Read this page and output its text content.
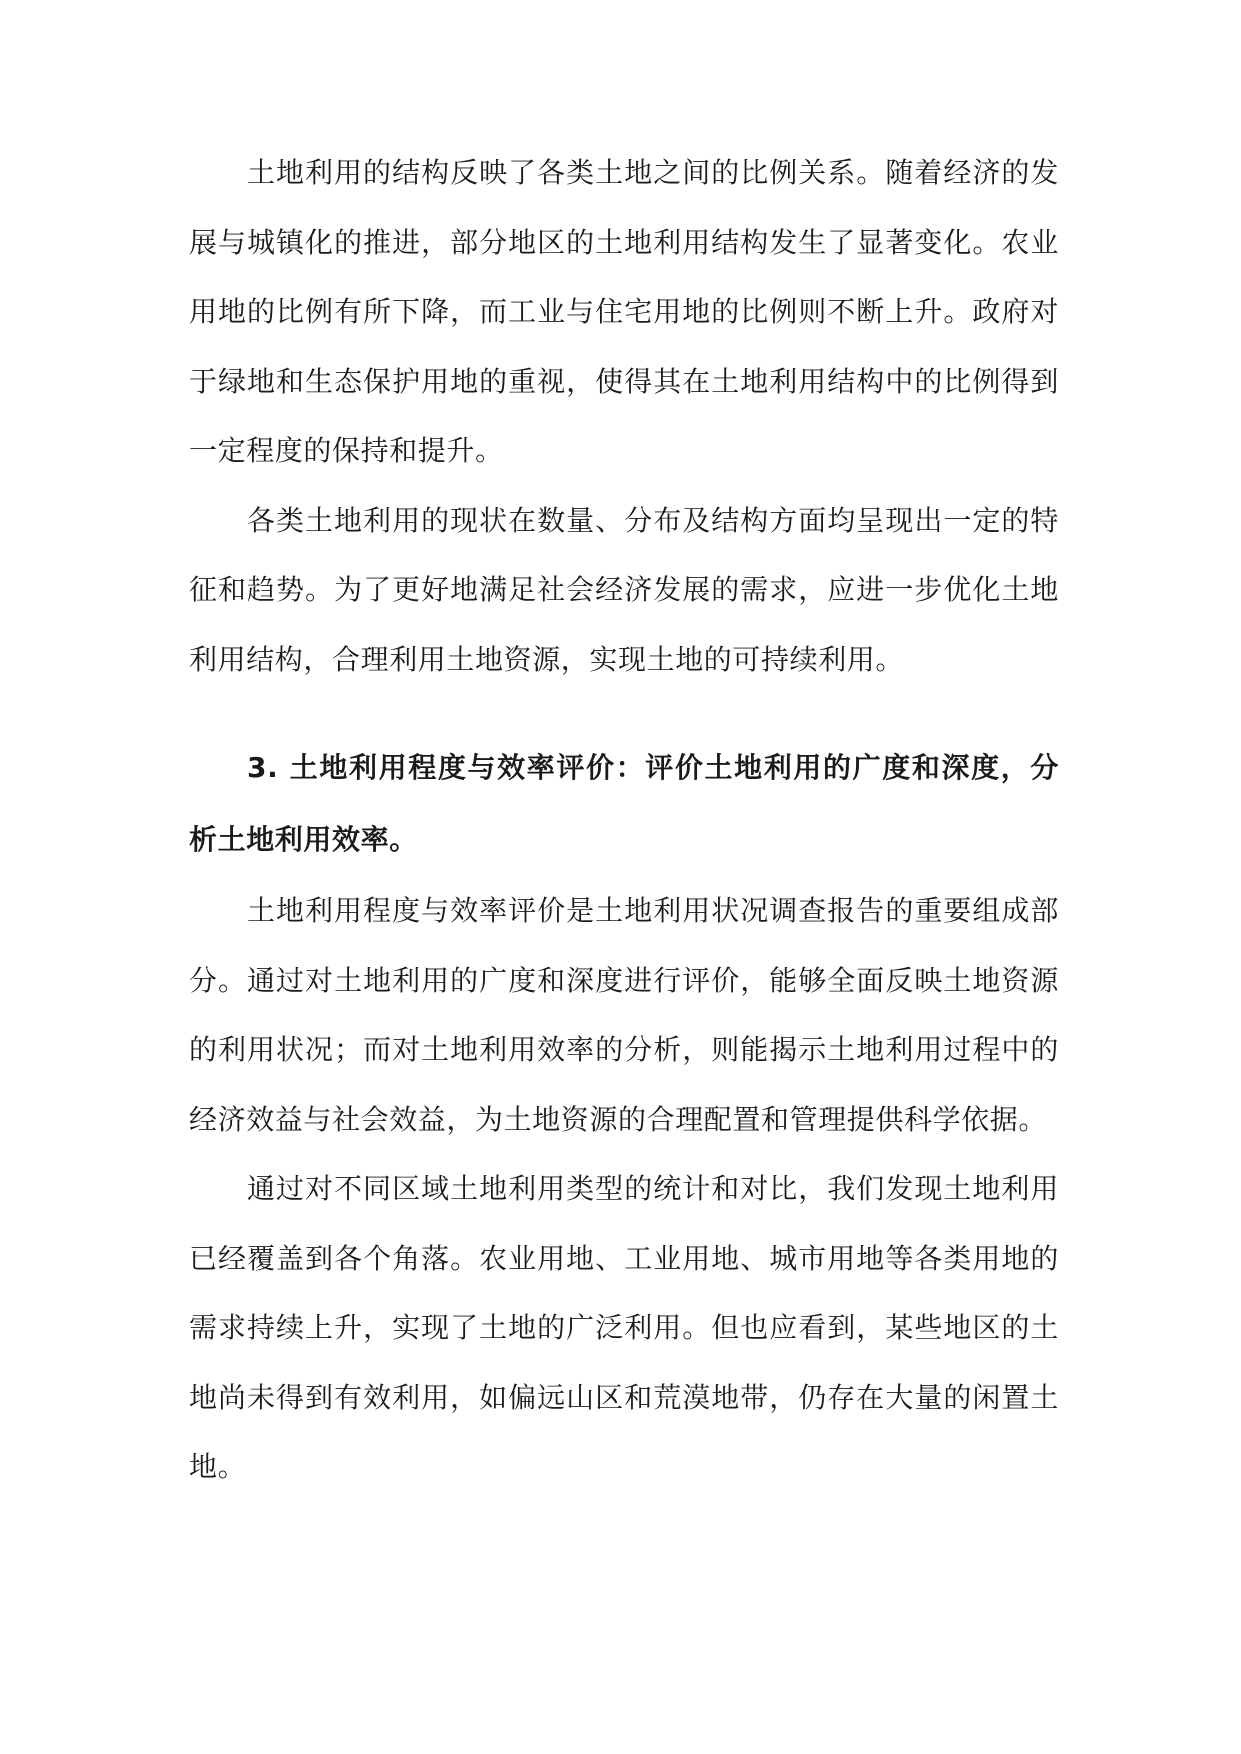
土地利用的结构反映了各类土地之间的比例关系。随着经济的发展与城镇化的推进，部分地区的土地利用结构发生了显著变化。农业用地的比例有所下降，而工业与住宅用地的比例则不断上升。政府对于绿地和生态保护用地的重视，使得其在土地利用结构中的比例得到一定程度的保持和提升。

各类土地利用的现状在数量、分布及结构方面均呈现出一定的特征和趋势。为了更好地满足社会经济发展的需求，应进一步优化土地利用结构，合理利用土地资源，实现土地的可持续利用。

3. 土地利用程度与效率评价：评价土地利用的广度和深度，分析土地利用效率。

土地利用程度与效率评价是土地利用状况调查报告的重要组成部分。通过对土地利用的广度和深度进行评价，能够全面反映土地资源的利用状况；而对土地利用效率的分析，则能揭示土地利用过程中的经济效益与社会效益，为土地资源的合理配置和管理提供科学依据。

通过对不同区域土地利用类型的统计和对比，我们发现土地利用已经覆盖到各个角落。农业用地、工业用地、城市用地等各类用地的需求持续上升，实现了土地的广泛利用。但也应看到，某些地区的土地尚未得到有效利用，如偏远山区和荒漠地带，仍存在大量的闲置土地。
